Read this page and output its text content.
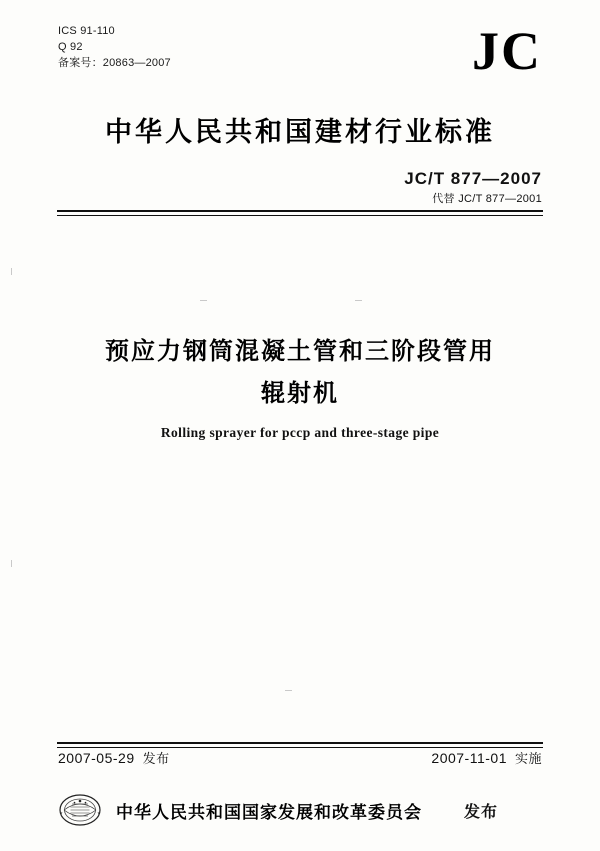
ICS 91-110
Q 92
备案号：20863—2007	JC
中华人民共和国建材行业标准
JC/T 877—2007
代替 JC/T 877—2001
预应力钢筒混凝土管和三阶段管用
辊射机
Rolling sprayer for pccp and three-stage pipe
2007-05-29 发布	2007-11-01 实施
中华人民共和国国家发展和改革委员会	发布
